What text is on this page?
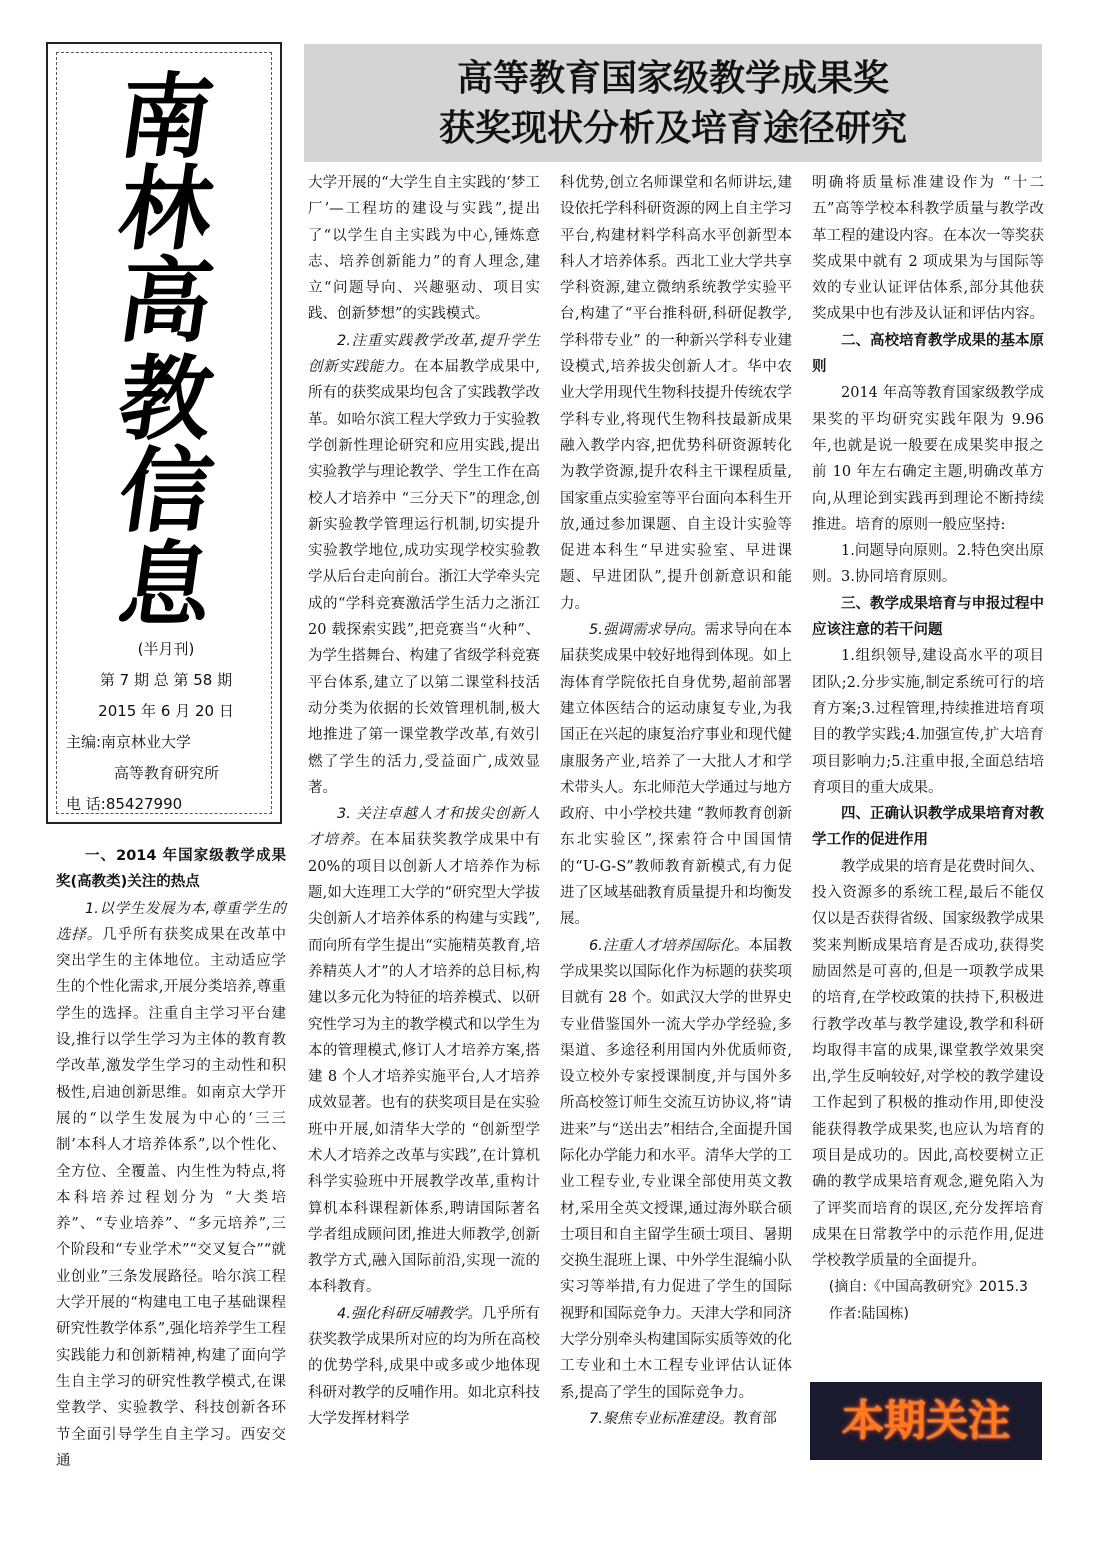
南
林
高
教
信
息
(半月刊)
第 7 期 总 第 58 期
2015 年 6 月 20 日
主编:南京林业大学
高等教育研究所
电 话:85427990
高等教育国家级教学成果奖
获奖现状分析及培育途径研究
一、2014 年国家级教学成果奖(高教类)关注的热点

1.以学生发展为本,尊重学生的选择。几乎所有获奖成果在改革中突出学生的主体地位。主动适应学生的个性化需求,开展分类培养,尊重学生的选择。注重自主学习平台建设,推行以学生学习为主体的教育教学改革,激发学生学习的主动性和积极性,启迪创新思维。如南京大学开展的“以学生发展为中心的‘三三制’本科人才培养体系”,以个性化、全方位、全覆盖、内生性为特点,将本科培养过程划分为 “大类培养”、“专业培养”、“多元培养”,三个阶段和“专业学术”“交叉复合”“就业创业”三条发展路径。哈尔滨工程大学开展的“构建电工电子基础课程研究性教学体系”,强化培养学生工程实践能力和创新精神,构建了面向学生自主学习的研究性教学模式,在课堂教学、实验教学、科技创新各环节全面引导学生自主学习。西安交通

大学开展的“大学生自主实践的‘梦工厂’—工程坊的建设与实践”,提出了“以学生自主实践为中心,锤炼意志、培养创新能力”的育人理念,建立“问题导向、兴趣驱动、项目实践、创新梦想”的实践模式。

2.注重实践教学改革,提升学生创新实践能力。在本届教学成果中,所有的获奖成果均包含了实践教学改革。如哈尔滨工程大学致力于实验教学创新性理论研究和应用实践,提出实验教学与理论教学、学生工作在高校人才培养中 “三分天下”的理念,创新实验教学管理运行机制,切实提升实验教学地位,成功实现学校实验教学从后台走向前台。浙江大学牵头完成的“学科竞赛激活学生活力之浙江 20 载探索实践”,把竞赛当“火种”、为学生搭舞台、构建了省级学科竞赛平台体系,建立了以第二课堂科技活动分类为依据的长效管理机制,极大地推进了第一课堂教学改革,有效引燃了学生的活力,受益面广,成效显著。

3. 关注卓越人才和拔尖创新人才培养。在本届获奖教学成果中有 20%的项目以创新人才培养作为标题,如大连理工大学的“研究型大学拔尖创新人才培养体系的构建与实践”,而向所有学生提出“实施精英教育,培养精英人才”的人才培养的总目标,构建以多元化为特征的培养模式、以研究性学习为主的教学模式和以学生为本的管理模式,修订人才培养方案,搭建 8 个人才培养实施平台,人才培养成效显著。也有的获奖项目是在实验班中开展,如清华大学的 “创新型学术人才培养之改革与实践”,在计算机科学实验班中开展教学改革,重构计算机本科课程新体系,聘请国际著名学者组成顾问团,推进大师教学,创新教学方式,融入国际前沿,实现一流的本科教育。

4.强化科研反哺教学。几乎所有获奖教学成果所对应的均为所在高校的优势学科,成果中或多或少地体现科研对教学的反哺作用。如北京科技大学发挥材料学

科优势,创立名师课堂和名师讲坛,建设依托学科科研资源的网上自主学习平台,构建材料学科高水平创新型本科人才培养体系。西北工业大学共享学科资源,建立微纳系统教学实验平台,构建了“平台推科研,科研促教学,学科带专业” 的一种新兴学科专业建设模式,培养拔尖创新人才。华中农业大学用现代生物科技提升传统农学学科专业,将现代生物科技最新成果融入教学内容,把优势科研资源转化为教学资源,提升农科主干课程质量,国家重点实验室等平台面向本科生开放,通过参加课题、自主设计实验等促进本科生“早进实验室、早进课题、早进团队”,提升创新意识和能力。

5.强调需求导向。需求导向在本届获奖成果中较好地得到体现。如上海体育学院依托自身优势,超前部署建立体医结合的运动康复专业,为我国正在兴起的康复治疗事业和现代健康服务产业,培养了一大批人才和学术带头人。东北师范大学通过与地方政府、中小学校共建 “教师教育创新东北实验区”,探索符合中国国情的“U-G-S”教师教育新模式,有力促进了区域基础教育质量提升和均衡发展。

6.注重人才培养国际化。本届教学成果奖以国际化作为标题的获奖项目就有 28 个。如武汉大学的世界史专业借鉴国外一流大学办学经验,多渠道、多途径利用国内外优质师资,设立校外专家授课制度,并与国外多所高校签订师生交流互访协议,将“请进来”与“送出去”相结合,全面提升国际化办学能力和水平。清华大学的工业工程专业,专业课全部使用英文教材,采用全英文授课,通过海外联合硕士项目和自主留学生硕士项目、暑期交换生混班上课、中外学生混编小队实习等举措,有力促进了学生的国际视野和国际竞争力。天津大学和同济大学分别牵头构建国际实质等效的化工专业和土木工程专业评估认证体系,提高了学生的国际竞争力。

7.聚焦专业标准建设。教育部

明确将质量标准建设作为 “十二五”高等学校本科教学质量与教学改革工程的建设内容。在本次一等奖获奖成果中就有 2 项成果为与国际等效的专业认证评估体系,部分其他获奖成果中也有涉及认证和评估内容。

二、高校培育教学成果的基本原则

2014 年高等教育国家级教学成果奖的平均研究实践年限为 9.96 年,也就是说一般要在成果奖申报之前 10 年左右确定主题,明确改革方向,从理论到实践再到理论不断持续推进。培育的原则一般应坚持:

1.问题导向原则。2.特色突出原则。3.协同培育原则。

三、教学成果培育与申报过程中应该注意的若干问题

1.组织领导,建设高水平的项目团队;2.分步实施,制定系统可行的培育方案;3.过程管理,持续推进培育项目的教学实践;4.加强宣传,扩大培育项目影响力;5.注重申报,全面总结培育项目的重大成果。

四、正确认识教学成果培育对教学工作的促进作用

教学成果的培育是花费时间久、投入资源多的系统工程,最后不能仅仅以是否获得省级、国家级教学成果奖来判断成果培育是否成功,获得奖励固然是可喜的,但是一项教学成果的培育,在学校政策的扶持下,积极进行教学改革与教学建设,教学和科研均取得丰富的成果,课堂教学效果突出,学生反响较好,对学校的教学建设工作起到了积极的推动作用,即使没能获得教学成果奖,也应认为培育的项目是成功的。因此,高校要树立正确的教学成果培育观念,避免陷入为了评奖而培育的误区,充分发挥培育成果在日常教学中的示范作用,促进学校教学质量的全面提升。

(摘自:《中国高教研究》2015.3
作者:陆国栋)
本期关注
